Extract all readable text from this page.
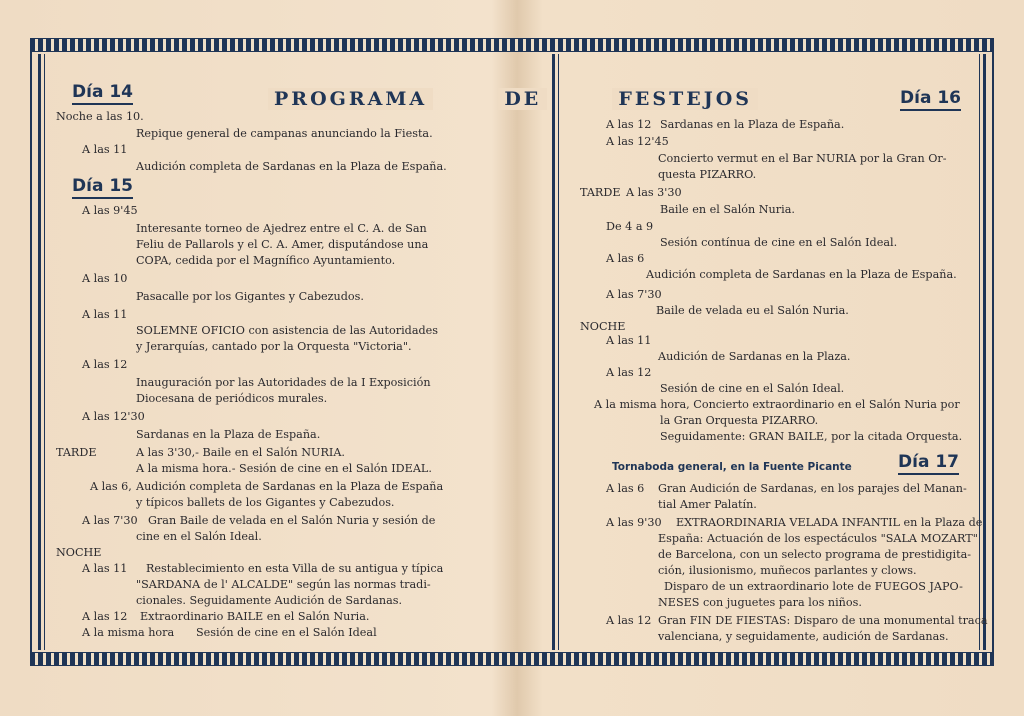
PROGRAMA	DE	FESTEJOS
Día 14
Noche a las 10.
Repique general de campanas anunciando la Fiesta.
A las 11
Audición completa de Sardanas en la Plaza de España.
Día 15
A las 9'45
Interesante torneo de Ajedrez entre el C. A. de San
Feliu de Pallarols y el C. A. Amer, disputándose una
COPA, cedida por el Magnífico Ayuntamiento.
A las 10
Pasacalle por los Gigantes y Cabezudos.
A las 11
SOLEMNE OFICIO con asistencia de las Autoridades
y Jerarquías, cantado por la Orquesta "Victoria".
A las 12
Inauguración por las Autoridades de la I Exposición
Diocesana de periódicos murales.
A las 12'30
Sardanas en la Plaza de España.
TARDE	A las 3'30,- Baile en el Salón NURIA.
A la misma hora.- Sesión de cine en el Salón IDEAL.
A las 6, Audición completa de Sardanas en la Plaza de España
y típicos ballets de los Gigantes y Cabezudos.
A las 7'30 Gran Baile de velada en el Salón Nuria y sesión de
cine en el Salón Ideal.
NOCHE
A las 11 Restablecimiento en esta Villa de su antigua y típica
"SARDANA de l' ALCALDE" según las normas tradi-
cionales. Seguidamente Audición de Sardanas.
A las 12 Extraordinario BAILE en el Salón Nuria.
A la misma hora Sesión de cine en el Salón Ideal
Día 16
A las 12 Sardanas en la Plaza de España.
A las 12'45
Concierto vermut en el Bar NURIA por la Gran Or-
questa PIZARRO.
TARDE A las 3'30
Baile en el Salón Nuria.
De 4 a 9
Sesión contínua de cine en el Salón Ideal.
A las 6
Audición completa de Sardanas en la Plaza de España.
A las 7'30
Baile de velada eu el Salón Nuria.
NOCHE
A las 11
Audición de Sardanas en la Plaza.
A las 12
Sesión de cine en el Salón Ideal.
A la misma hora, Concierto extraordinario en el Salón Nuria por
la Gran Orquesta PIZARRO.
Seguidamente: GRAN BAILE, por la citada Orquesta.
Tornaboda general, en la Fuente Picante	Día 17
A las 6 Gran Audición de Sardanas, en los parajes del Manan-
tial Amer Palatín.
A las 9'30 EXTRAORDINARIA VELADA INFANTIL en la Plaza de
España: Actuación de los espectáculos "SALA MOZART"
de Barcelona, con un selecto programa de prestidigita-
ción, ilusionismo, muñecos parlantes y clows.
Disparo de un extraordinario lote de FUEGOS JAPO-
NESES con juguetes para los niños.
A las 12 Gran FIN DE FIESTAS: Disparo de una monumental traca
valenciana, y seguidamente, audición de Sardanas.
